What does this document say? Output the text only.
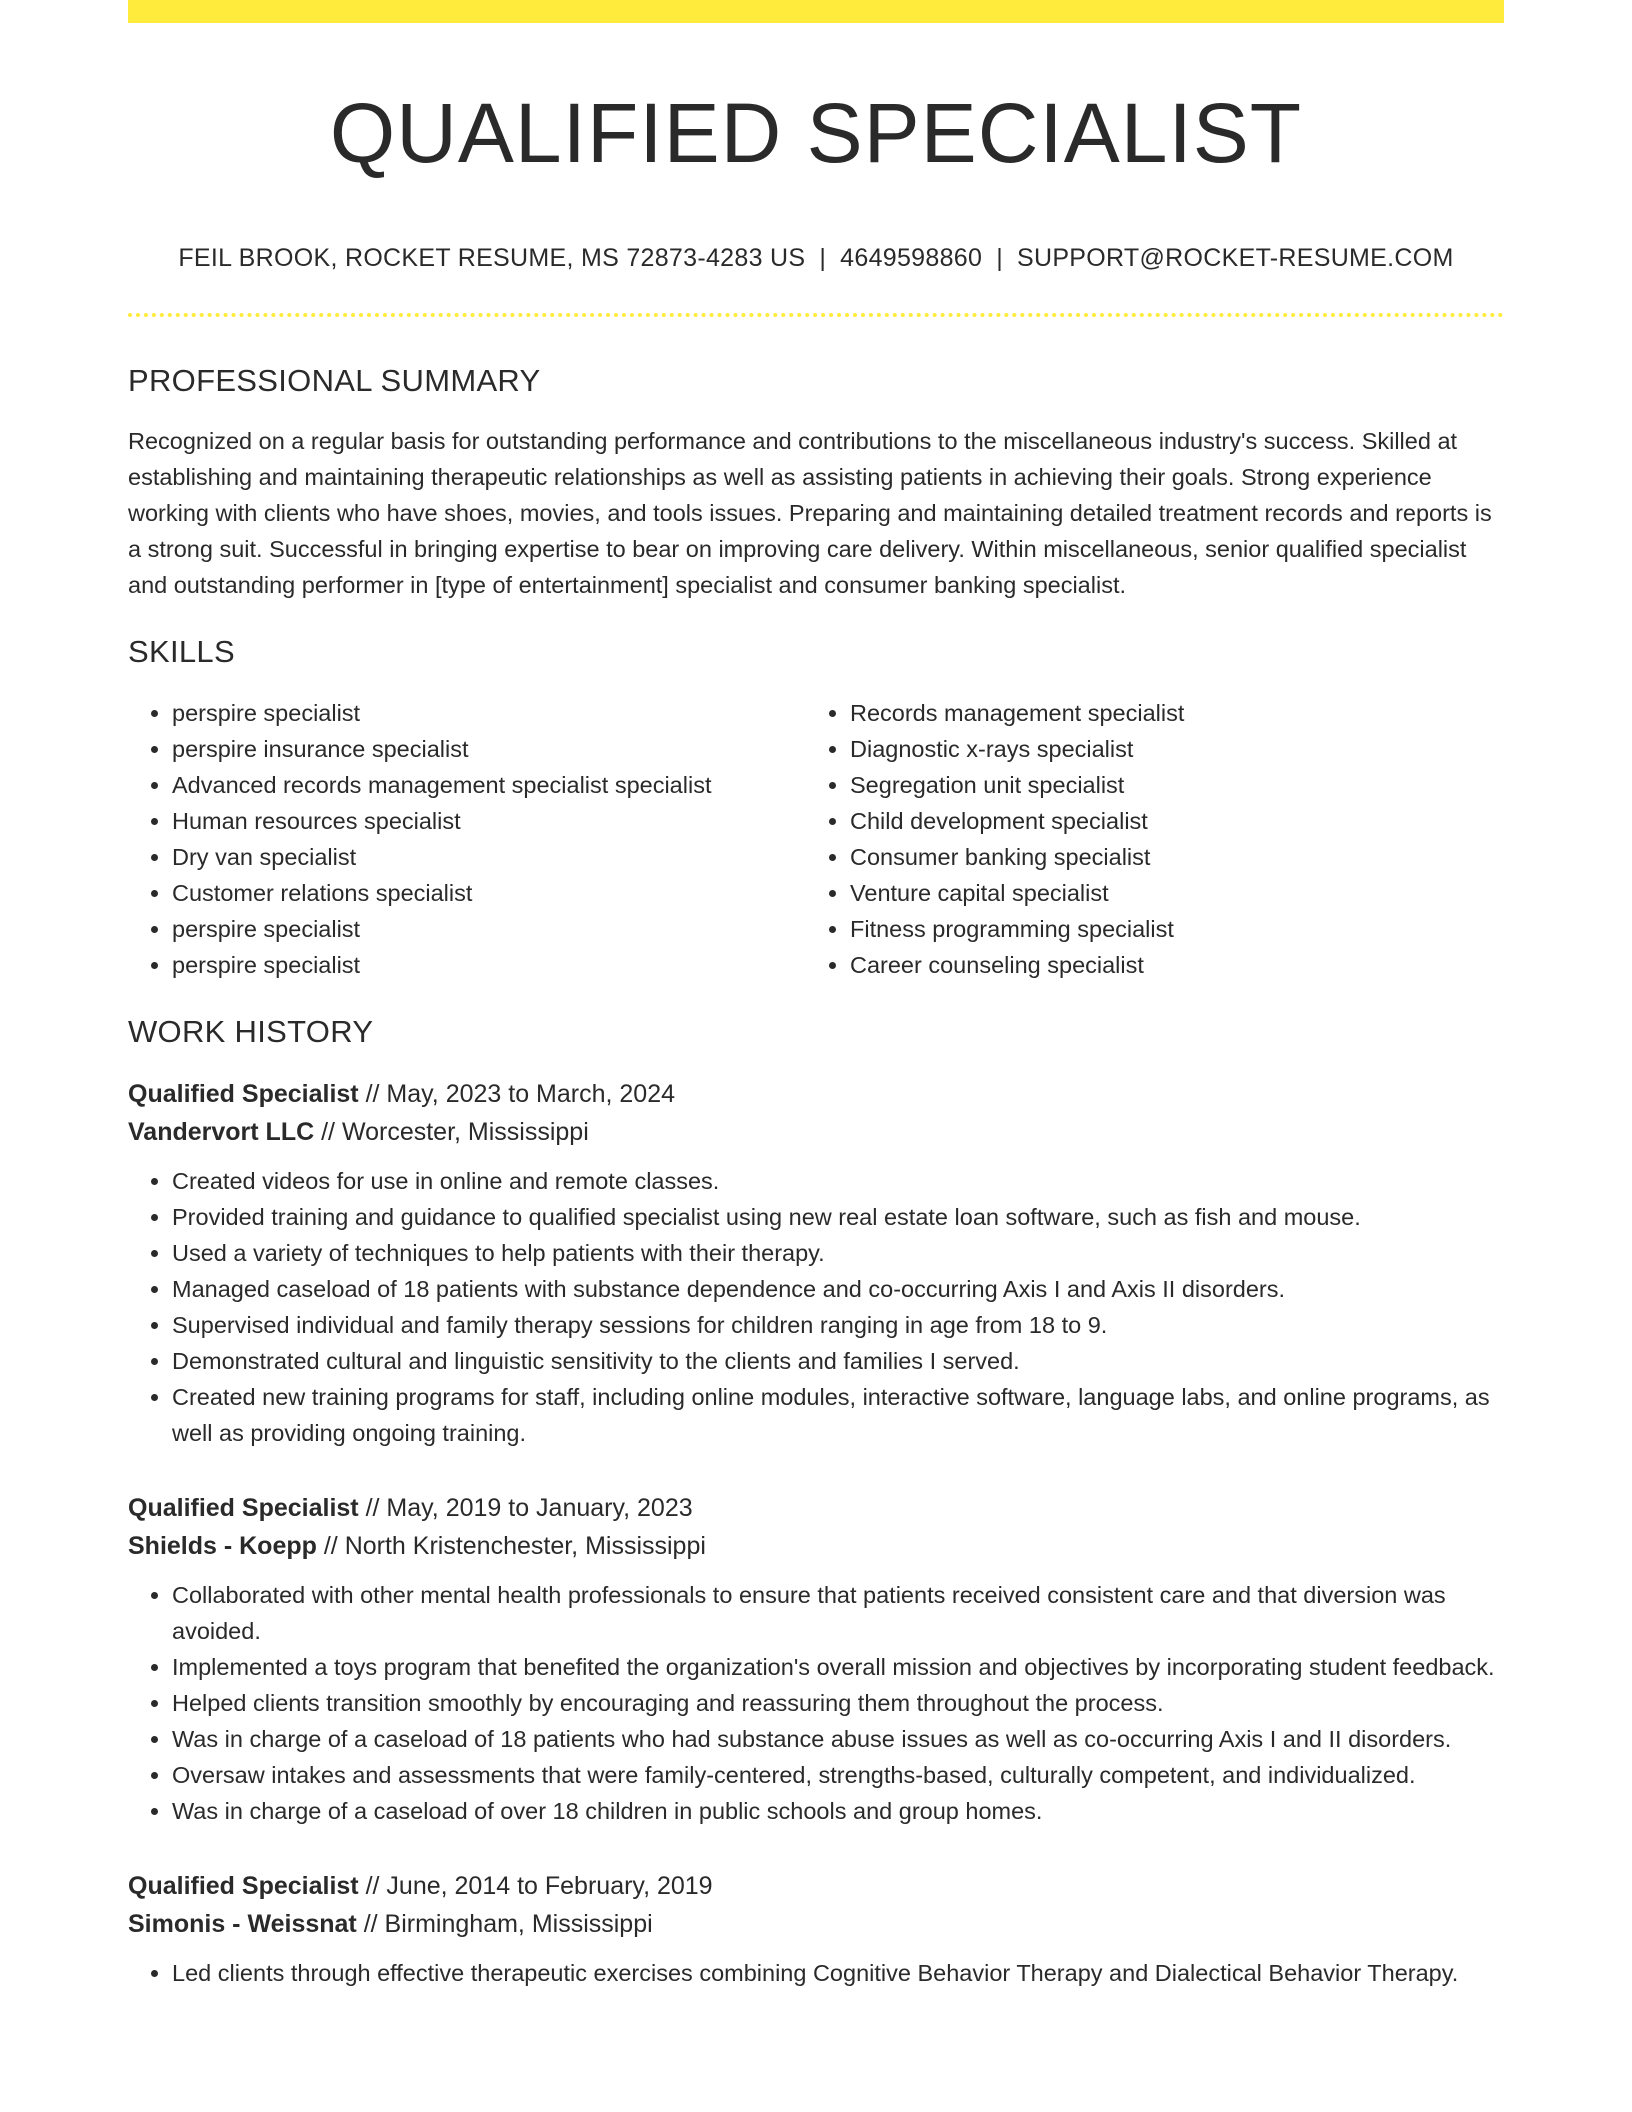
QUALIFIED SPECIALIST
FEIL BROOK, ROCKET RESUME, MS 72873-4283 US | 4649598860 | SUPPORT@ROCKET-RESUME.COM
PROFESSIONAL SUMMARY

Recognized on a regular basis for outstanding performance and contributions to the miscellaneous industry's success. Skilled at establishing and maintaining therapeutic relationships as well as assisting patients in achieving their goals. Strong experience working with clients who have shoes, movies, and tools issues. Preparing and maintaining detailed treatment records and reports is a strong suit. Successful in bringing expertise to bear on improving care delivery. Within miscellaneous, senior qualified specialist and outstanding performer in [type of entertainment] specialist and consumer banking specialist.

SKILLS
• perspire specialist
• perspire insurance specialist
• Advanced records management specialist specialist
• Human resources specialist
• Dry van specialist
• Customer relations specialist
• perspire specialist
• perspire specialist
• Records management specialist
• Diagnostic x-rays specialist
• Segregation unit specialist
• Child development specialist
• Consumer banking specialist
• Venture capital specialist
• Fitness programming specialist
• Career counseling specialist
WORK HISTORY
Qualified Specialist // May, 2023 to March, 2024
Vandervort LLC // Worcester, Mississippi
• Created videos for use in online and remote classes.
• Provided training and guidance to qualified specialist using new real estate loan software, such as fish and mouse.
• Used a variety of techniques to help patients with their therapy.
• Managed caseload of 18 patients with substance dependence and co-occurring Axis I and Axis II disorders.
• Supervised individual and family therapy sessions for children ranging in age from 18 to 9.
• Demonstrated cultural and linguistic sensitivity to the clients and families I served.
• Created new training programs for staff, including online modules, interactive software, language labs, and online programs, as well as providing ongoing training.
Qualified Specialist // May, 2019 to January, 2023
Shields - Koepp // North Kristenchester, Mississippi
• Collaborated with other mental health professionals to ensure that patients received consistent care and that diversion was avoided.
• Implemented a toys program that benefited the organization's overall mission and objectives by incorporating student feedback.
• Helped clients transition smoothly by encouraging and reassuring them throughout the process.
• Was in charge of a caseload of 18 patients who had substance abuse issues as well as co-occurring Axis I and II disorders.
• Oversaw intakes and assessments that were family-centered, strengths-based, culturally competent, and individualized.
• Was in charge of a caseload of over 18 children in public schools and group homes.
Qualified Specialist // June, 2014 to February, 2019
Simonis - Weissnat // Birmingham, Mississippi
• Led clients through effective therapeutic exercises combining Cognitive Behavior Therapy and Dialectical Behavior Therapy.
